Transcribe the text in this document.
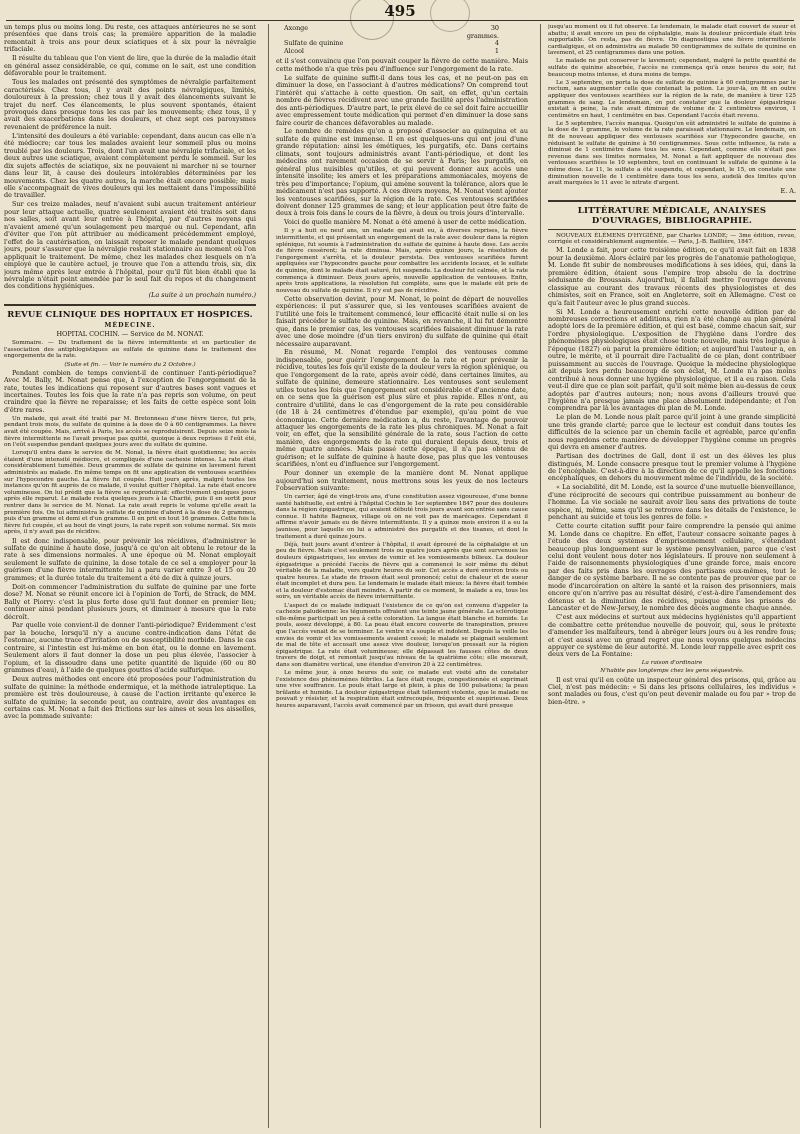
495

un temps plus ou moins long. Du reste, ces attaques antérieures ne se sont présentées que dans trois cas; la première apparition de la maladie remontait à trois ans pour deux sciatiques et à six pour la névralgie trifaciale.

Il résulte du tableau que l'on vient de lire, que la durée de la maladie était en général assez considérable, ce qui, comme on le sait, est une condition défavorable pour le traitement.

Tous les malades ont présenté des symptômes de névralgie parfaitement caractérisés. Chez tous, il y avait des points névralgiques, limités, douloureux à la pression; chez tous il y avait des élancements suivant le trajet du nerf. Ces élancements, le plus souvent spontanés, étaient provoqués dans presque tous les cas par les mouvements; chez tous, il y avait des exacerbations dans les douleurs, et chez sept ces paroxysmes revenaient de préférence la nuit.

L'intensité des douleurs a été variable: cependant, dans aucun cas elle n'a été médiocre; car tous les malades avaient leur sommeil plus ou moins troublé par les douleurs. Trois, dont l'un avait une névralgie trifaciale, et les deux autres une sciatique, avaient complètement perdu le sommeil. Sur les dix sujets affectés de sciatique, six ne pouvaient ni marcher ni se tourner dans leur lit, à cause des douleurs intolérables déterminées par les mouvements. Chez les quatre autres, la marche était encore possible; mais elle s'accompagnait de vives douleurs qui les mettaient dans l'impossibilité de travailler.

Sur ces treize malades, neuf n'avaient subi aucun traitement antérieur pour leur attaque actuelle, quatre seulement avaient été traités soit dans nos salles, soit avant leur entrée à l'hôpital, par d'autres moyens qui n'avaient amené qu'un soulagement peu marqué ou nul. Cependant, afin d'éviter que l'on pût attribuer au médicament précédemment employé, l'effet de la cautérisation, on laissait reposer le malade pendant quelques jours, pour s'assurer que la névralgie restait stationnaire au moment où l'on appliquait le traitement. De même, chez les malades chez lesquels on n'a employé que le cautère actuel, je trouve que l'on a attendu trois, six, dix jours même après leur entrée à l'hôpital, pour qu'il fût bien établi que la névralgie n'était point amendée par le seul fait du repos et du changement des conditions hygiéniques.

(La suite à un prochain numéro.)

REVUE CLINIQUE DES HOPITAUX ET HOSPICES.
MÉDECINE.

HOPITAL COCHIN. — Service de M. NONAT.

Sommaire. — Du traitement de la fièvre intermittente et en particulier de l'association des antiphlogistiques au sulfate de quinine dans le traitement des engorgements de la rate.

(Suite et fin. — Voir le numéro du 2 Octobre.)

Pendant combien de temps convient-il de continuer l'anti-périodique? Avec M. Bally, M. Nonat pense que, à l'exception de l'engorgement de la rate, toutes les indications qui reposent sur d'autres bases sont vagues et incertaines. Toutes les fois que la rate n'a pas repris son volume, on peut craindre que la fièvre ne reparaisse; et les faits de cette espèce sont loin d'être rares.

Un malade, qui avait été traité par M. Bretonneau d'une fièvre tierce, fut pris, pendant trois mois, du sulfate de quinine à la dose de 0 à 60 centigrammes. La fièvre avait été coupée. Mais, arrivé à Paris, les accès se reproduisirent. Depuis seize mois la fièvre intermittente ne l'avait presque pas quitté, quoique à deux reprises il l'eût été, on l'eût suspendue pendant quelques jours avec du sulfate de quinine.

Lorsqu'il entra dans le service de M. Nonat, la fièvre était quotidienne; les accès étaient d'une intensité médiocre, et compliqués d'une cachexie intense. La rate était considérablement tuméfiée. Deux grammes de sulfate de quinine en lavement furent administrés au malade. En même temps on fit une application de ventouses scarifiées sur l'hypocondre gauche. La fièvre fut coupée. Huit jours après, malgré toutes les instances qu'on fit auprès de ce malade, il voulut quitter l'hôpital. La rate était encore volumineuse. On lui prédit que la fièvre se reproduirait: effectivement quelques jours après elle reparut. Le malade resta quelques jours à la Charité, puis il en sortit pour rentrer dans le service de M. Nonat. La rate avait repris le volume qu'elle avait la première fois. On lui administra le sulfate de quinine d'abord à la dose de 2 grammes, puis d'un gramme et demi et d'un gramme. Il en prit en tout 16 grammes. Cette fois la fièvre fut coupée, et au bout de vingt jours, la rate reprit son volume normal. Six mois après, il n'y avait pas de récidive.

Il est donc indispensable, pour prévenir les récidives, d'administrer le sulfate de quinine à haute dose, jusqu'à ce qu'on ait obtenu le retour de la rate à ses dimensions normales. A une époque où M. Nonat employait seulement le sulfate de quinine, la dose totale de ce sel a employer pour la guérison d'une fièvre intermittente lui a paru varier entre 3 et 15 ou 20 grammes; et la durée totale du traitement a été de dix à quinze jours.

Doit-on commencer l'administration du sulfate de quinine par une forte dose? M. Nonat se réunit encore ici à l'opinion de Torti, de Strack, de MM. Bally et Piorry: c'est la plus forte dose qu'il faut donner en premier lieu; continuer ainsi pendant plusieurs jours, et diminuer à mesure que la rate décroît.

Par quelle voie convient-il de donner l'anti-périodique? Évidemment c'est par la bouche, lorsqu'il n'y a aucune contre-indication dans l'état de l'estomac, aucune trace d'irritation ou de susceptibilité morbide. Dans le cas contraire, si l'intestin est lui-même en bon état, ou le donne en lavement. Seulement alors il faut donner la dose un peu plus élevée, l'associer à l'opium, et la dissoudre dans une petite quantité de liquide (60 ou 80 grammes d'eau), à l'aide de quelques gouttes d'acide sulfurique.

Deux autres méthodes ont encore été proposées pour l'administration du sulfate de quinine: la méthode endermique, et la méthode iatraleptique. La première est très douloureuse, à cause de l'action irritante qu'exerce le sulfate de quinine; la seconde peut, au contraire, avoir des avantages en certains cas. M. Nonat a fait des frictions sur les aines et sous les aisselles, avec la pommade suivante:

Axonge	30 grammes.
Sulfate de quinine	4
Alcool	1

et il s'est convaincu que l'on pouvait couper la fièvre de cette manière. Mais cette méthode n'a que très peu d'influence sur l'engorgement de la rate.

Le sulfate de quinine suffit-il dans tous les cas, et ne peut-on pas en diminuer la dose, en l'associant à d'autres médications? On comprend tout l'intérêt qui s'attache à cette question. On sait, en effet, qu'un certain nombre de fièvres récidivent avec une grande facilité après l'administration des anti-périodiques. D'autre part, le prix élevé de ce sel doit faire accueillir avec empressement toute médication qui permet d'en diminuer la dose sans faire courir de chances défavorables au malade.

Le nombre de remèdes qu'on a proposé d'associer au quinquina et au sulfate de quinine est immense. Il en est quelques-uns qui ont joui d'une grande réputation: ainsi les émétiques, les purgatifs, etc. Dans certains climats, sont toujours administrés avant l'anti-périodique, et dont les médecins ont rarement occasion de se servir à Paris; les purgatifs, en général plus nuisibles qu'utiles, et qui peuvent donner aux accès une intensité insolite; les amers et les préparations ammoniacales, moyens de très peu d'importance; l'opium, qui amène souvent la tolérance, alors que le médicament n'est pas supporté. A ces divers moyens, M. Nonat vient ajouter les ventouses scarifiées, sur la région de la rate. Ces ventouses scarifiées doivent donner 125 grammes de sang; et leur application peut être faite de deux à trois fois dans le cours de la fièvre, à deux ou trois jours d'intervalle.

Voici de quelle manière M. Nonat a été amené à user de cette médication.

Il y a huit ou neuf ans, un malade qui avait eu, à diverses reprises, la fièvre intermittente, et qui présentait un engorgement de la rate avec douleur dans la région splénique, fut soumis à l'administration du sulfate de quinine à haute dose. Les accès de fièvre cessèrent; la rate diminua. Mais, après quinze jours, la résolution de l'engorgement s'arrêta, et la douleur persista. Des ventouses scarifiées furent appliquées sur l'hypocondre gauche pour combattre les accidents locaux, et le sulfate de quinine, dont le malade était saturé, fut suspendu. La douleur fut calmée, et la rate commença à diminuer. Deux jours après, nouvelle application de ventouses. Enfin, après trois applications, la résolution fut complète, sans que le malade eût pris de nouveau du sulfate de quinine. Il n'y eut pas de récidive.

Cette observation devint, pour M. Nonat, le point de départ de nouvelles expériences: il put s'assurer que, si les ventouses scarifiées avaient de l'utilité une fois le traitement commencé, leur efficacité était nulle si on les faisait précéder le sulfate de quinine. Mais, en revanche, il lui fut démontré que, dans le premier cas, les ventouses scarifiées faisaient diminuer la rate avec une dose moindre (d'un tiers environ) du sulfate de quinine qui était nécessaire auparavant.

En résumé, M. Nonat regarde l'emploi des ventouses comme indispensable, pour guérir l'engorgement de la rate et pour prévenir la récidive, toutes les fois qu'il existe de la douleur vers la région splénique, ou que l'engorgement de la rate, après avoir cédé, dans certaines limites, au sulfate de quinine, demeure stationnaire. Les ventouses sont seulement utiles toutes les fois que l'engorgement est considérable et d'ancienne date, en ce sens que la guérison est plus sûre et plus rapide. Elles n'ont, au contraire d'utilité, dans le cas d'engorgement de la rate peu considérable (de 18 à 24 centimètres d'étendue par exemple), qu'au point de vue économique. Cette dernière médication a, du reste, l'avantage de pouvoir attaquer les engorgements de la rate les plus chroniques. M. Nonat a fait voir, en effet, que la sensibilité générale de la rate, sous l'action de cette manière, des engorgements de la rate qui duraient depuis deux, trois et même quatre années. Mais passé cette époque, il n'a pas obtenu de guérison; et le sulfate de quinine à haute dose, pas plus que les ventouses scarifiées, n'ont eu d'influence sur l'engorgement.

Pour donner un exemple de la manière dont M. Nonat applique aujourd'hui son traitement, nous mettrons sous les yeux de nos lecteurs l'observation suivante:

Un carrier, âgé de vingt-trois ans, d'une constitution assez vigoureuse, d'une bonne santé habituelle, est entré à l'hôpital Cochin le 1er septembre 1847 pour des douleurs dans la région épigastrique, qui avaient débuté trois jours avant son entrée sans cause connue. Il habite Bagneux, village où on ne voit pas de marécages. Cependant il affirme n'avoir jamais eu de fièvre intermittente. Il y a quinze mois environ il a eu la jaunisse, pour laquelle on lui a administré des purgatifs et des tisanes, et dont le traitement a duré quinze jours.

Déjà, huit jours avant d'entrer à l'hôpital, il avait éprouvé de la céphalalgie et un peu de fièvre. Mais c'est seulement trois ou quatre jours après que sont survenues les douleurs épigastriques, les envies de vomir et les vomissements bilieux. La douleur épigastrique a précédé l'accès de fièvre qui a commencé le soir même du début véritable de la maladie, vers quatre heures du soir. Cet accès a duré environ trois ou quatre heures. Le stade de frisson était seul prononcé; celui de chaleur et de sueur était incomplet et dura peu. Le lendemain le malade était mieux: la fièvre était tombée et la douleur d'estomac était moindre. A partir de ce moment, le malade a eu, tous les soirs, un véritable accès de fièvre intermittente.

L'aspect de ce malade indiquait l'existence de ce qu'on est convenu d'appeler la cachexie paludéenne: les téguments offraient une teinte jaune générale. La sclérotique elle-même participait un peu à cette coloration. La langue était blanche et humide. Le pouls, assez développé, à 80. La peau était encore couverte de transpiration, preuve que l'accès venait de se terminer. Le ventre n'a souple et indolent. Depuis la veille les envies de vomir et les vomissements avaient cessé; le malade se plaignait seulement de mal de tête et accusait une assez vive douleur, lorsqu'on pressait sur la région épigastrique. La rate était volumineuse; elle dépassait les fausses côtes de deux travers de doigt, et remontait jusqu'au niveau de la quatrième côte; elle mesurait, dans son diamètre vertical, une étendue d'environ 20 à 22 centimètres.

Le même jour, à onze heures du soir, ce malade eut visité afin de constater l'existence des phénomènes fébriles. La face était rouge, congestionnée et exprimait une vive souffrance. Le pouls était large et plein, à plus de 100 pulsations; la peau brûlante et humide. La douleur épigastrique était tellement violente, que le malade ne pouvait y résister, et la respiration était entrecoupée, fréquente et suspirieuse. Deux heures auparavant, l'accès avait commencé par un frisson, qui avait duré presque

jusqu'au moment où il fut observé. Le lendemain, le malade était couvert de sueur et abattu; il avait encore un peu de céphalalgie, mais la douleur précordiale était très supportable. On resta, pas de fièvre. On diagnostiqua une fièvre intermittente cardialgique, et on administra au malade 50 centigrammes de sulfate de quinine en lavement, et 25 centigrammes dans une potion.

Le malade ne put conserver le lavement; cependant, malgré la petite quantité de sulfate de quinine absorbée, l'accès ne commença qu'à onze heures du soir, fut beaucoup moins intense, et dura moins de temps.

Le 3 septembre, on porta la dose de sulfate de quinine à 60 centigrammes par le rectum, sans augmenter celle que contenait la potion. Le jour-là, on fit en outre appliquer des ventouses scarifiées sur la région de la rate, de manière à tirer 125 grammes de sang. Le lendemain, on put constater que la douleur épigastrique existait à peine, la rate avait diminué de volume de 2 centimètres environ, 1 centimètre en haut, 1 centimètre en bas. Cependant l'accès était revenu.

Le 5 septembre, l'accès manqua. Quoiqu'on eût administré le sulfate de quinine à la dose de 1 gramme, le volume de la rate paraissait stationnaire. Le lendemain, on fit de nouveau appliquer des ventouses scarifiées sur l'hypocondre gauche, en réduisant le sulfate de quinine à 50 centigrammes. Sous cette influence, la rate a diminué de 1 centimètre dans tous les sens. Cependant, comme elle n'était pas revenue dans ses limites normales, M. Nonat a fait appliquer de nouveau des ventouses scarifiées le 10 septembre, tout en continuant le sulfate de quinine à la même dose. Le 11, le sulfate a été suspendu, et cependant, le 15, on constate une diminution nouvelle de 1 centimètre dans tous les sens, audelà des limites qu'on avait marquées le 11 avec le nitrate d'argent.

E. A.

LITTÉRATURE MÉDICALE, ANALYSES D'OUVRAGES, BIBLIOGRAPHIE.

NOUVEAUX ÉLÉMENS D'HYGIÈNE, par Charles LONDE; — 3me édition, revue, corrigée et considérablement augmentée. — Paris, J.-B. Baillière, 1847.

M. Londe a fait, pour cette troisième édition, ce qu'il avait fait en 1838 pour la deuxième. Alors éclairé par les progrès de l'anatomie pathologique, M. Londe fit subir de nombreuses modifications à ses idées, qui, dans la première édition, étaient sous l'empire trop absolu de la doctrine séduisante de Broussais. Aujourd'hui, il fallait mettre l'ouvrage devenu classique au courant des travaux récents des physiologistes et des chimistes, soit en France, soit en Angleterre, soit en Allemagne. C'est ce qu'a fait l'auteur avec le plus grand succès.

Si M. Londe a heureusement enrichi cette nouvelle édition par de nombreuses corrections et additions, rien n'a été changé au plan général adopté lors de la première édition, et qui est basé, comme chacun sait, sur l'ordre physiologique. L'exposition de l'hygiène dans l'ordre des phénomènes physiologiques était chose toute nouvelle, mais très logique à l'époque (1827) où parut la première édition; et aujourd'hui l'auteur a, en outre, le mérite, et il pourrait dire l'actualité de ce plan, dont contribuer puissamment au succès de l'ouvrage. Quoique la médecine physiologique ait depuis lors perdu beaucoup de son éclat, M. Londe n'a pas moins contribué à nous donner une hygiène physiologique, et il a eu raison. Cela veut-il dire que ce plan soit parfait, qu'il soit même bien au-dessus de ceux adoptés par d'autres auteurs; non; nous avons d'ailleurs trouvé que l'hygiène n'a presque jamais une place absolument indépendante; et l'on comprendra par là les avantages du plan de M. Londe.

Le plan de M. Londe nous plaît parce qu'il joint à une grande simplicité une très grande clarté; parce que le lecteur est conduit dans toutes les difficultés de la science par un chemin facile et agréable, parce qu'enfin nous regardons cette manière de développer l'hygiène comme un progrès qui devra en amener d'autres.

Partisan des doctrines de Gall, dont il est un des élèves les plus distingués, M. Londe consacre presque tout le premier volume à l'hygiène de l'encéphale. C'est-à-dire à la direction de ce qu'il appelle les fonctions encéphaliques, en dehors du mouvement même de l'individu, de la société.

« La sociabilité, dit M. Londe, est la source d'une mutuelle bienveillance, d'une réciprocité de secours qui contribue puissamment au bonheur de l'homme. La vie sociale ne saurait avoir lieu sans des privations de toute espèce, ni, même, sans qu'il se retrouve dans les détails de l'existence, le penchant au suicide et tous les genres de folie. »

Cette courte citation suffit pour faire comprendre la pensée qui anime M. Londe dans ce chapitre. En effet, l'auteur consacre soixante pages à l'étude des deux systèmes d'emprisonnement cellulaire, s'étendant beaucoup plus longuement sur le système pensylvanien, parce que c'est celui dont veulent nous doter nos législateurs. Il prouve non seulement à l'aide de raisonnements physiologiques d'une grande force, mais encore par des faits pris dans les ouvrages des partisans eux-mêmes, tout le danger de ce système barbare. Il ne se contente pas de prouver que par ce mode d'incarcération on altère la santé et la raison des prisonniers, mais encore qu'on n'arrive pas au résultat désiré, c'est-à-dire l'amendement des détenus et la diminution des récidives, puisque dans les prisons de Lancaster et de New-Jersey, le nombre des décès augmente chaque année.

C'est aux médecins et surtout aux médecins hygiénistes qu'il appartient de combattre cette prétendue nouvelle de pouvoir, qui, sous le prétexte d'amender les malfaiteurs, tend à abréger leurs jours ou à les rendre fous; et c'est aussi avec un grand regret que nous voyons quelques médecins appuyer ce système de leur autorité. M. Londe leur rappelle avec esprit ces deux vers de La Fontaine:

La raison d'ordinaire

N'habite pas longtemps chez les gens séquestrés.

Il est vrai qu'il en coûte un inspecteur général des prisons, qui, grâce au Ciel, n'est pas médecin: « Si dans les prisons cellulaires, les individus » sont malades ou fous, c'est qu'on peut devenir malade ou fou par » trop de bien-être. »
